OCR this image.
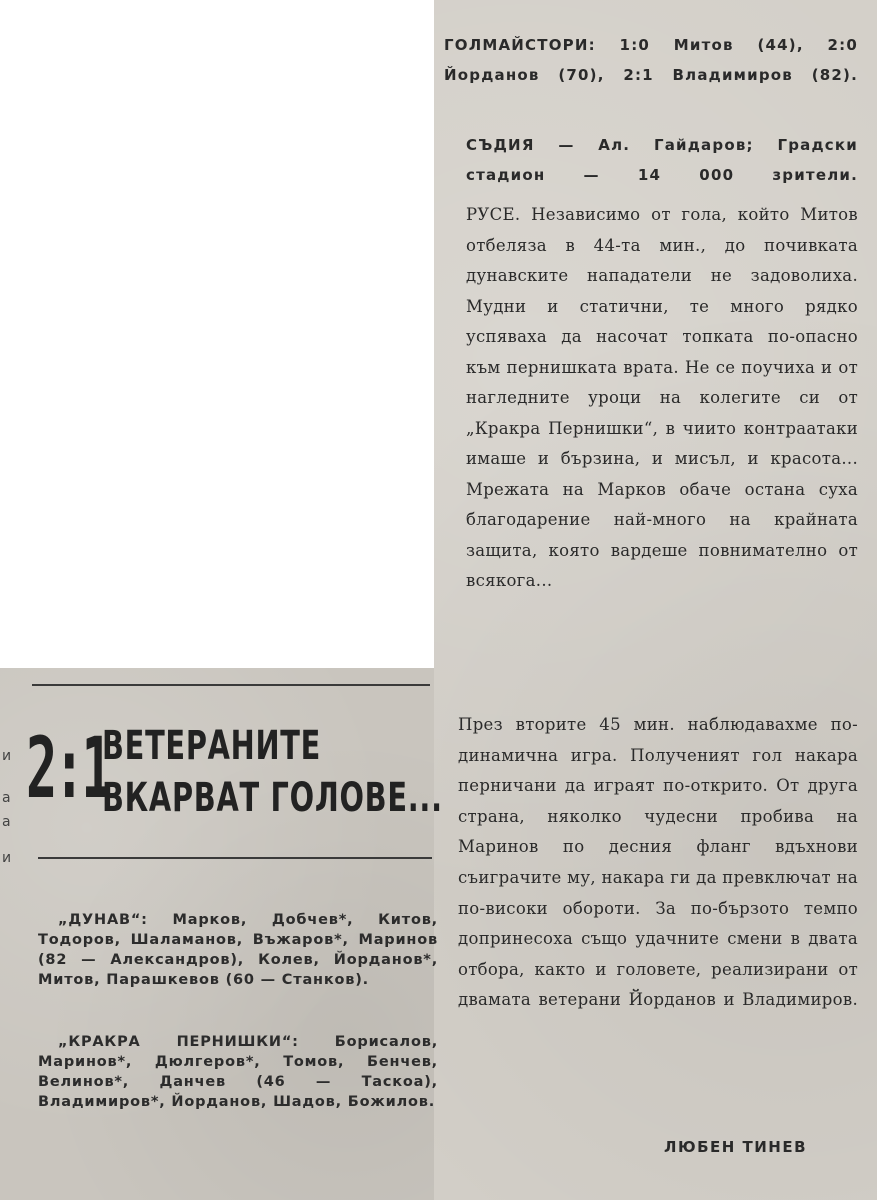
ГОЛМАЙСТОРИ: 1:0 Митов (44), 2:0 Йорданов (70), 2:1 Владимиров (82).
СЪДИЯ — Ал. Гайдаров; Градски стадион — 14 000 зрители.
РУСЕ. Независимо от гола, който Митов отбеляза в 44-та мин., до почивката дунавските нападатели не задоволиха. Мудни и статични, те много рядко успяваха да насочат топката по-опасно към пернишката врата. Не се поучиха и от нагледните уроци на колегите си от „Кракра Пернишки“, в чиито контраатаки имаше и бързина, и мисъл, и красота... Мрежата на Марков обаче остана суха благодарение най-много на крайната защита, която вардеше повнимателно от всякога...
През вторите 45 мин. наблюдавахме по-динамична игра. Полученият гол накара перничани да играят по-открито. От друга страна, няколко чудесни пробива на Маринов по десния фланг вдъхнови съиграчите му, накара ги да превключат на по-високи обороти. За по-бързото темпо допринесоха също удачните смени в двата отбора, както и головете, реализирани от двамата ветерани Йорданов и Владимиров.
ЛЮБЕН ТИНЕВ
2:1
ВЕТЕРАНИТЕ
ВКАРВАТ ГОЛОВЕ...
„ДУНАВ“: Марков, Добчев*, Китов, Тодоров, Шаламанов, Въжаров*, Маринов (82 — Александров), Колев, Йорданов*, Митов, Парашкевов (60 — Станков).
„КРАКРА ПЕРНИШКИ“: Борисалов, Маринов*, Дюлгеров*, Томов, Бенчев, Велинов*, Данчев (46 — Таскоа), Владимиров*, Йорданов, Шадов, Божилов.
и
а
а
и
